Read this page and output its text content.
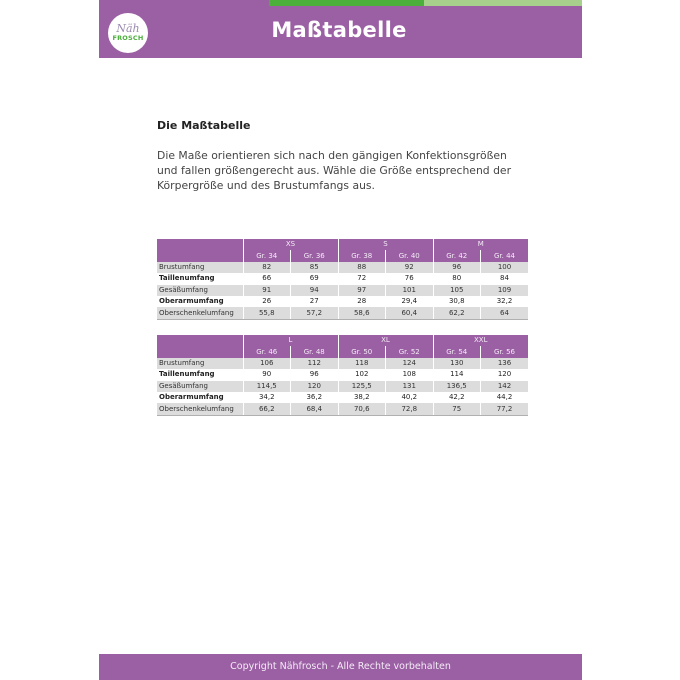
Näh
FROSCH	Maßtabelle
Die Maßtabelle
Die Maße orientieren sich nach den gängigen Konfektionsgrößen
und fallen größengerecht aus. Wähle die Größe entsprechend der
Körpergröße und des Brustumfangs aus.
	XS		S		M	
	Gr. 34	Gr. 36	Gr. 38	Gr. 40	Gr. 42	Gr. 44
Brustumfang	82	85	88	92	96	100
Taillenumfang	66	69	72	76	80	84
Gesäßumfang	91	94	97	101	105	109
Oberarmumfang	26	27	28	29,4	30,8	32,2
Oberschenkelumfang	55,8	57,2	58,6	60,4	62,2	64
	L		XL		XXL	
	Gr. 46	Gr. 48	Gr. 50	Gr. 52	Gr. 54	Gr. 56
Brustumfang	106	112	118	124	130	136
Taillenumfang	90	96	102	108	114	120
Gesäßumfang	114,5	120	125,5	131	136,5	142
Oberarmumfang	34,2	36,2	38,2	40,2	42,2	44,2
Oberschenkelumfang	66,2	68,4	70,6	72,8	75	77,2
Copyright Nähfrosch - Alle Rechte vorbehalten
